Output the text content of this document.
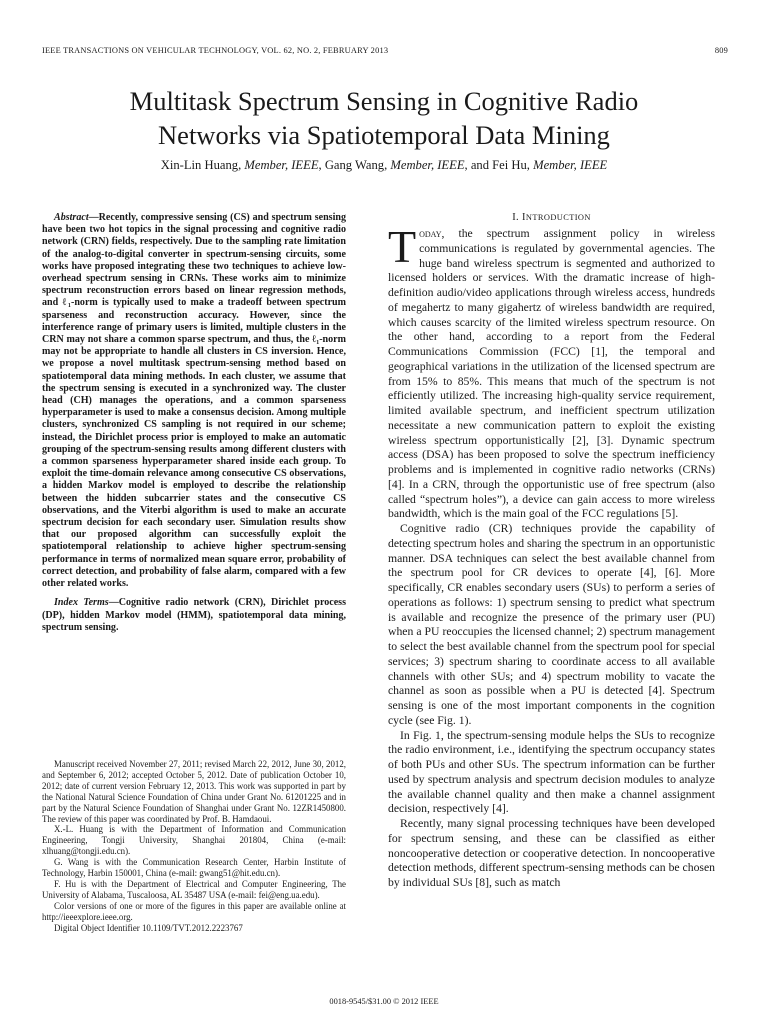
IEEE TRANSACTIONS ON VEHICULAR TECHNOLOGY, VOL. 62, NO. 2, FEBRUARY 2013	809
Multitask Spectrum Sensing in Cognitive Radio
Networks via Spatiotemporal Data Mining
Xin-Lin Huang, Member, IEEE, Gang Wang, Member, IEEE, and Fei Hu, Member, IEEE

Abstract—Recently, compressive sensing (CS) and spectrum sensing have been two hot topics in the signal processing and cognitive radio network (CRN) fields, respectively. Due to the sampling rate limitation of the analog-to-digital converter in spectrum-sensing circuits, some works have proposed integrating these two techniques to achieve low-overhead spectrum sensing in CRNs. These works aim to minimize spectrum reconstruction errors based on linear regression methods, and ℓ₁-norm is typically used to make a tradeoff between spectrum sparseness and reconstruction accuracy. However, since the interference range of primary users is limited, multiple clusters in the CRN may not share a common sparse spectrum, and thus, the ℓ₁-norm may not be appropriate to handle all clusters in CS inversion. Hence, we propose a novel multitask spectrum-sensing method based on spatiotemporal data mining methods. In each cluster, we assume that the spectrum sensing is executed in a synchronized way. The cluster head (CH) manages the operations, and a common sparseness hyperparameter is used to make a consensus decision. Among multiple clusters, synchronized CS sampling is not required in our scheme; instead, the Dirichlet process prior is employed to make an automatic grouping of the spectrum-sensing results among different clusters with a common sparseness hyperparameter shared inside each group. To exploit the time-domain relevance among consecutive CS observations, a hidden Markov model is employed to describe the relationship between the hidden subcarrier states and the consecutive CS observations, and the Viterbi algorithm is used to make an accurate spectrum decision for each secondary user. Simulation results show that our proposed algorithm can successfully exploit the spatiotemporal relationship to achieve higher spectrum-sensing performance in terms of normalized mean square error, probability of correct detection, and probability of false alarm, compared with a few other related works.

Index Terms—Cognitive radio network (CRN), Dirichlet process (DP), hidden Markov model (HMM), spatiotemporal data mining, spectrum sensing.

Manuscript received November 27, 2011; revised March 22, 2012, June 30, 2012, and September 6, 2012; accepted October 5, 2012. Date of publication October 10, 2012; date of current version February 12, 2013. This work was supported in part by the National Natural Science Foundation of China under Grant No. 61201225 and in part by the Natural Science Foundation of Shanghai under Grant No. 12ZR1450800. The review of this paper was coordinated by Prof. B. Hamdaoui.

X.-L. Huang is with the Department of Information and Communication Engineering, Tongji University, Shanghai 201804, China (e-mail: xlhuang@tongji.edu.cn).

G. Wang is with the Communication Research Center, Harbin Institute of Technology, Harbin 150001, China (e-mail: gwang51@hit.edu.cn).

F. Hu is with the Department of Electrical and Computer Engineering, The University of Alabama, Tuscaloosa, AL 35487 USA (e-mail: fei@eng.ua.edu).

Color versions of one or more of the figures in this paper are available online at http://ieeexplore.ieee.org.

Digital Object Identifier 10.1109/TVT.2012.2223767

I. INTRODUCTION

Today, the spectrum assignment policy in wireless communications is regulated by governmental agencies. The huge band wireless spectrum is segmented and authorized to licensed holders or services. With the dramatic increase of high-definition audio/video applications through wireless access, hundreds of megahertz to many gigahertz of wireless bandwidth are required, which causes scarcity of the limited wireless spectrum resource. On the other hand, according to a report from the Federal Communications Commission (FCC) [1], the temporal and geographical variations in the utilization of the licensed spectrum are from 15% to 85%. This means that much of the spectrum is not efficiently utilized. The increasing high-quality service requirement, limited available spectrum, and inefficient spectrum utilization necessitate a new communication pattern to exploit the existing wireless spectrum opportunistically [2], [3]. Dynamic spectrum access (DSA) has been proposed to solve the spectrum inefficiency problems and is implemented in cognitive radio networks (CRNs) [4]. In a CRN, through the opportunistic use of free spectrum (also called “spectrum holes”), a device can gain access to more wireless bandwidth, which is the main goal of the FCC regulations [5].

Cognitive radio (CR) techniques provide the capability of detecting spectrum holes and sharing the spectrum in an opportunistic manner. DSA techniques can select the best available channel from the spectrum pool for CR devices to operate [4], [6]. More specifically, CR enables secondary users (SUs) to perform a series of operations as follows: 1) spectrum sensing to predict what spectrum is available and recognize the presence of the primary user (PU) when a PU reoccupies the licensed channel; 2) spectrum management to select the best available channel from the spectrum pool for special services; 3) spectrum sharing to coordinate access to all available channels with other SUs; and 4) spectrum mobility to vacate the channel as soon as possible when a PU is detected [4]. Spectrum sensing is one of the most important components in the cognition cycle (see Fig. 1).

In Fig. 1, the spectrum-sensing module helps the SUs to recognize the radio environment, i.e., identifying the spectrum occupancy states of both PUs and other SUs. The spectrum information can be further used by spectrum analysis and spectrum decision modules to analyze the available channel quality and then make a channel assignment decision, respectively [4].

Recently, many signal processing techniques have been developed for spectrum sensing, and these can be classified as either noncooperative detection or cooperative detection. In noncooperative detection methods, different spectrum-sensing methods can be chosen by individual SUs [8], such as match

0018-9545/$31.00 © 2012 IEEE
